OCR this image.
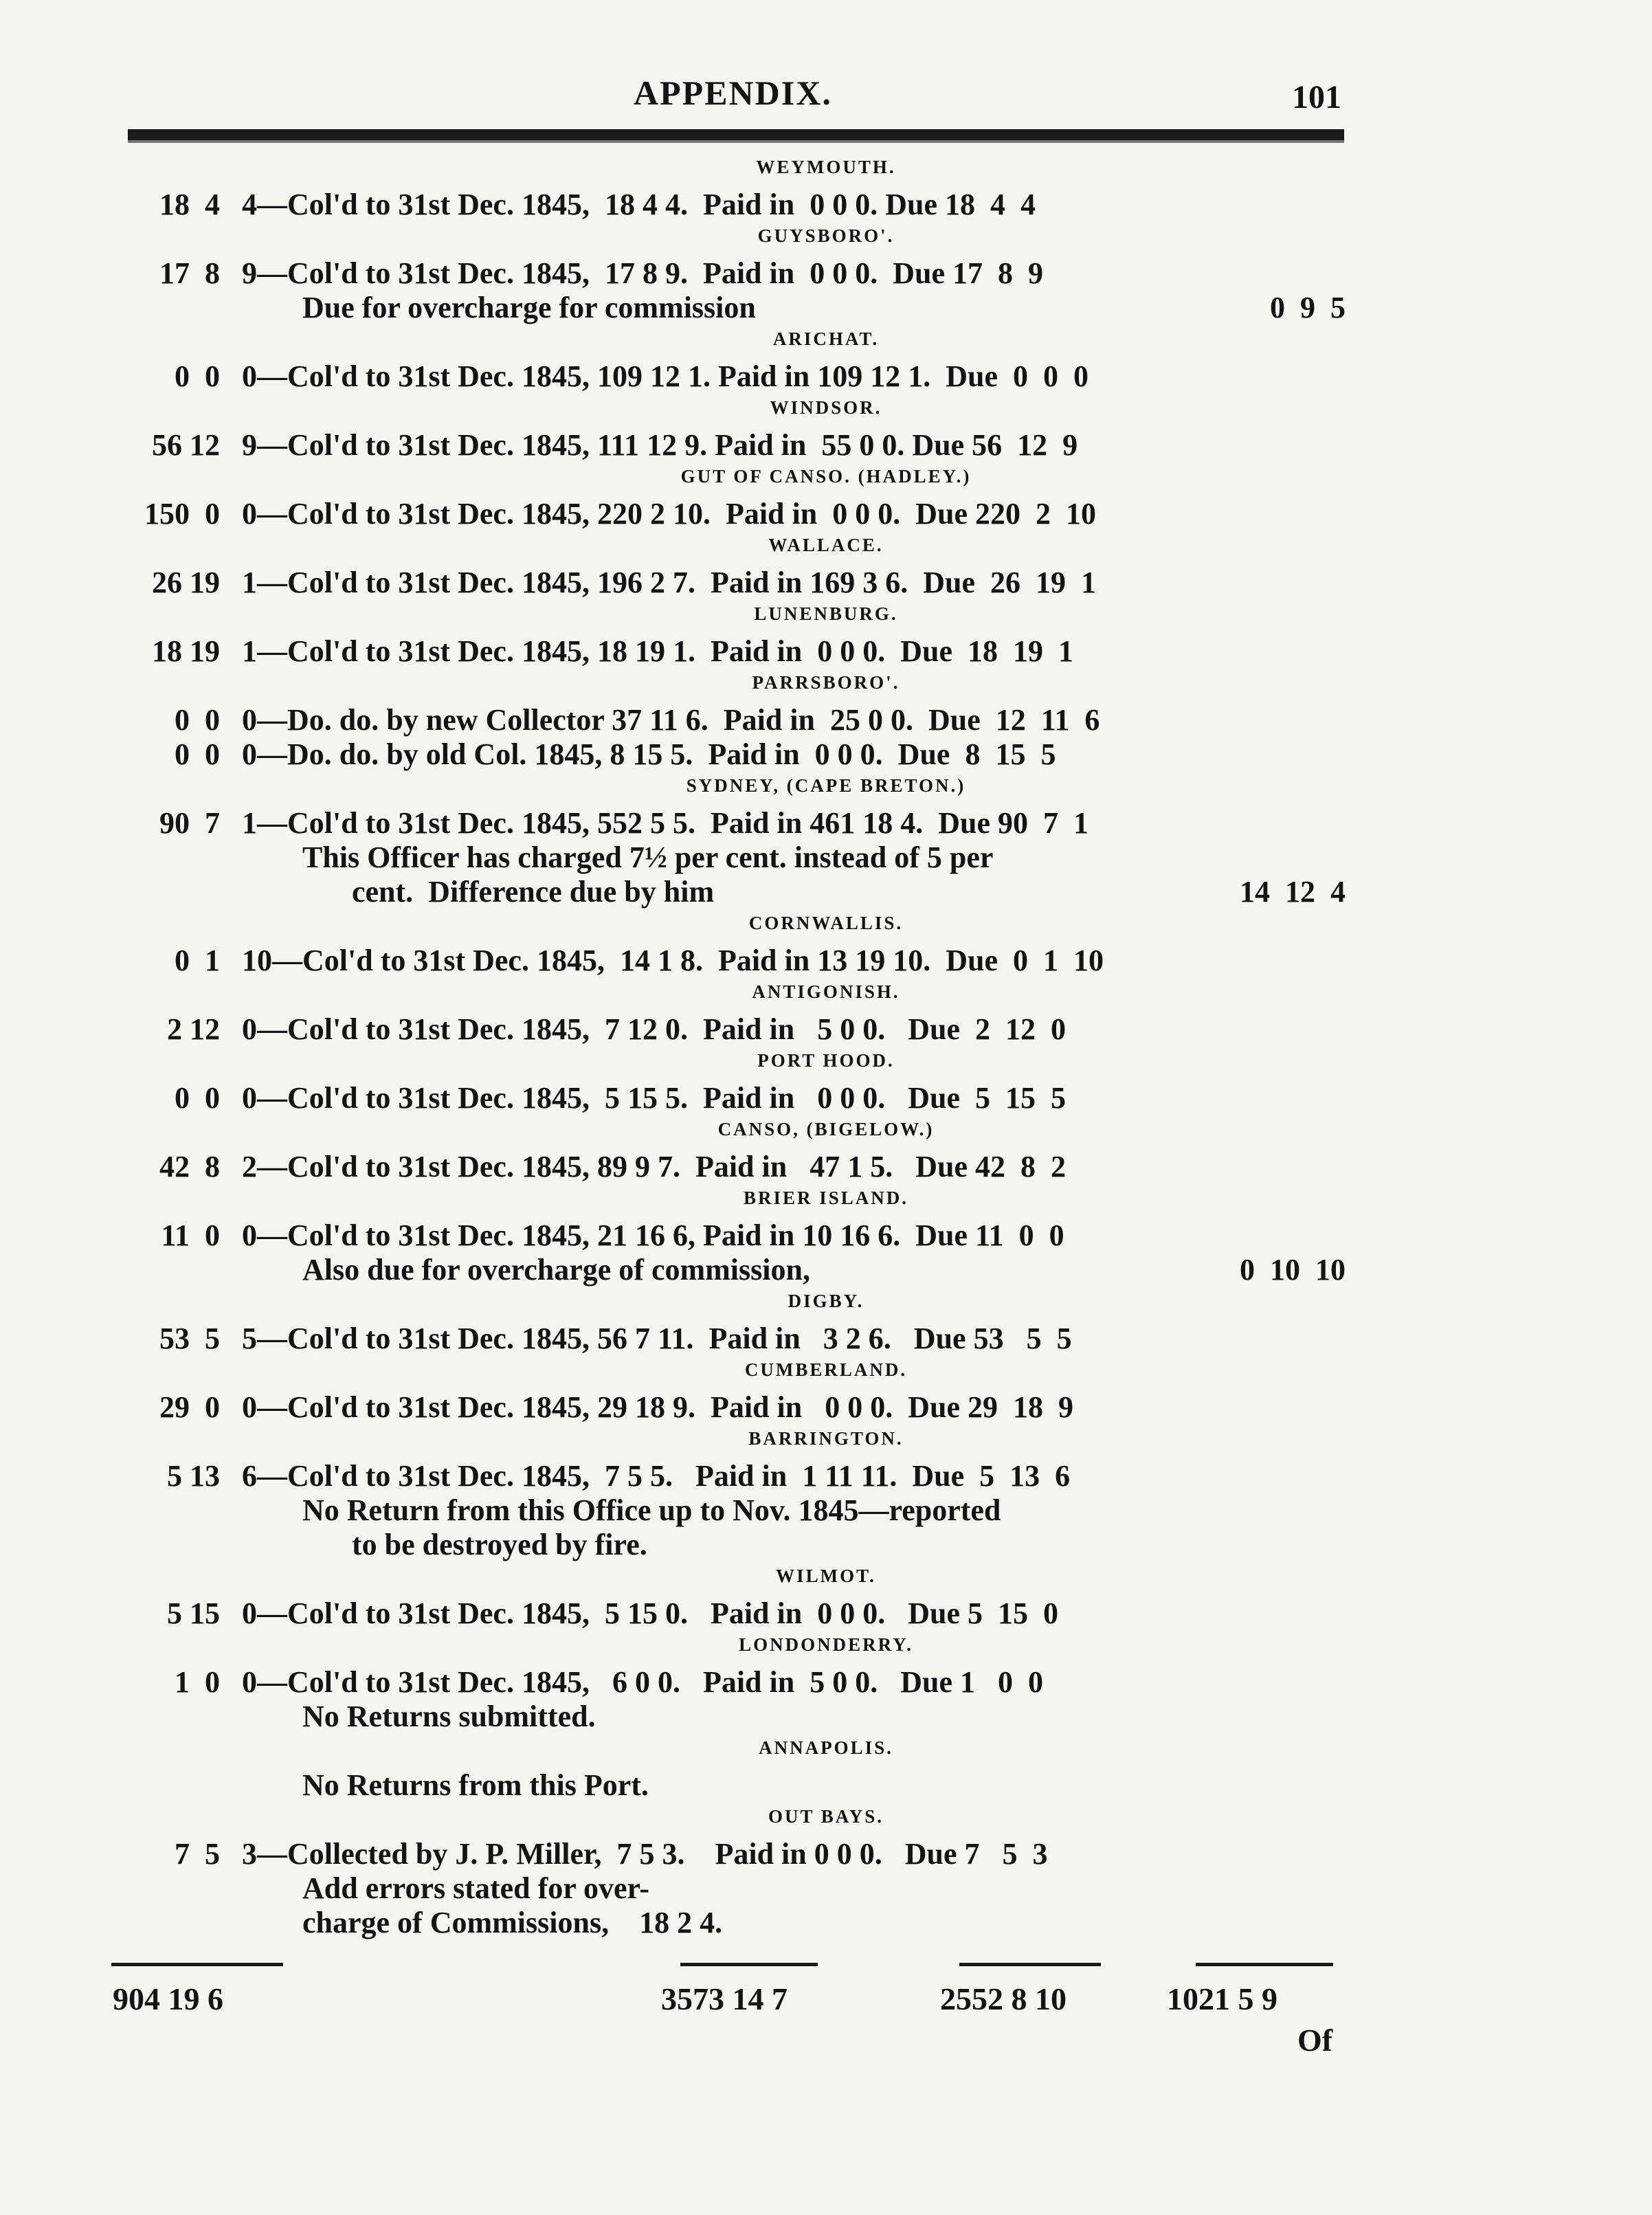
APPENDIX.	101
WEYMOUTH.
18  4 4—Col'd to 31st Dec. 1845,  18 4 4.  Paid in  0 0 0. Due 18  4  4
GUYSBORO'.
17  8 9—Col'd to 31st Dec. 1845,  17 8 9.  Paid in  0 0 0.  Due 17  8  9
Due for overcharge for commission	0  9  5
ARICHAT.
0  0 0—Col'd to 31st Dec. 1845, 109 12 1. Paid in 109 12 1.  Due  0  0  0
WINDSOR.
56 12 9—Col'd to 31st Dec. 1845, 111 12 9. Paid in  55 0 0. Due 56  12  9
GUT OF CANSO. (HADLEY.)
150  0 0—Col'd to 31st Dec. 1845, 220 2 10.  Paid in  0 0 0.  Due 220  2  10
WALLACE.
26 19 1—Col'd to 31st Dec. 1845, 196 2 7.  Paid in 169 3 6.  Due  26  19  1
LUNENBURG.
18 19 1—Col'd to 31st Dec. 1845, 18 19 1.  Paid in  0 0 0.  Due  18  19  1
PARRSBORO'.
0  0 0—Do. do. by new Collector 37 11 6.  Paid in  25 0 0.  Due  12  11  6
0  0 0—Do. do. by old Col. 1845, 8 15 5.  Paid in  0 0 0.  Due  8  15  5
SYDNEY, (CAPE BRETON.)
90  7 1—Col'd to 31st Dec. 1845, 552 5 5.  Paid in 461 18 4.  Due 90  7  1
This Officer has charged 7½ per cent. instead of 5 per
cent.  Difference due by him	14  12  4
CORNWALLIS.
0  1 10—Col'd to 31st Dec. 1845,  14 1 8.  Paid in 13 19 10.  Due  0  1  10
ANTIGONISH.
2 12 0—Col'd to 31st Dec. 1845,  7 12 0.  Paid in   5 0 0.   Due  2  12  0
PORT HOOD.
0  0 0—Col'd to 31st Dec. 1845,  5 15 5.  Paid in   0 0 0.   Due  5  15  5
CANSO, (BIGELOW.)
42  8 2—Col'd to 31st Dec. 1845, 89 9 7.  Paid in   47 1 5.   Due 42  8  2
BRIER ISLAND.
11  0 0—Col'd to 31st Dec. 1845, 21 16 6, Paid in 10 16 6.  Due 11  0  0
Also due for overcharge of commission,	0  10  10
DIGBY.
53  5 5—Col'd to 31st Dec. 1845, 56 7 11.  Paid in   3 2 6.   Due 53   5  5
CUMBERLAND.
29  0 0—Col'd to 31st Dec. 1845, 29 18 9.  Paid in   0 0 0.  Due 29  18  9
BARRINGTON.
5 13 6—Col'd to 31st Dec. 1845,  7 5 5.   Paid in  1 11 11.  Due  5  13  6
No Return from this Office up to Nov. 1845—reported
to be destroyed by fire.
WILMOT.
5 15 0—Col'd to 31st Dec. 1845,  5 15 0.   Paid in  0 0 0.   Due 5  15  0
LONDONDERRY.
1  0 0—Col'd to 31st Dec. 1845,   6 0 0.   Paid in  5 0 0.   Due 1   0  0
No Returns submitted.
ANNAPOLIS.
No Returns from this Port.
OUT BAYS.
7  5 3—Collected by J. P. Miller,  7 5 3.    Paid in 0 0 0.   Due 7   5  3
Add errors stated for over-
charge of Commissions,    18 2 4.
904 19 6	3573 14 7	2552 8 10	1021 5 9
Of
